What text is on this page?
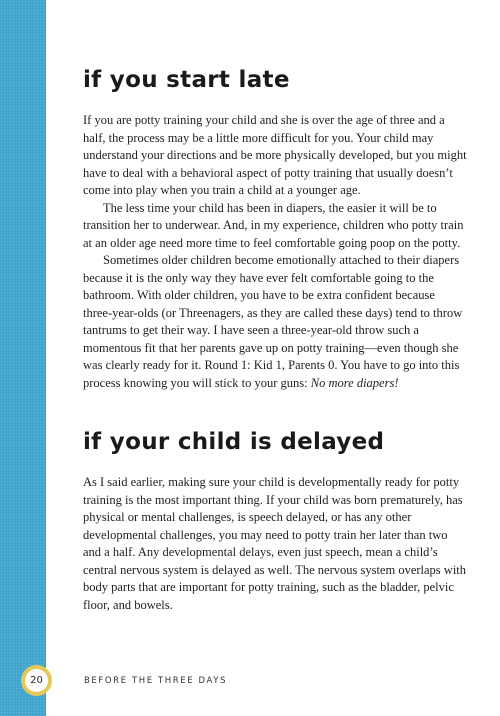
if you start late

If you are potty training your child and she is over the age of three and a half, the process may be a little more difficult for you. Your child may understand your directions and be more physically developed, but you might have to deal with a behavioral aspect of potty training that usually doesn’t come into play when you train a child at a younger age.

The less time your child has been in diapers, the easier it will be to transition her to underwear. And, in my experience, children who potty train at an older age need more time to feel comfortable going poop on the potty.

Sometimes older children become emotionally attached to their diapers because it is the only way they have ever felt comfortable going to the bathroom. With older children, you have to be extra confident because three-year-olds (or Threenagers, as they are called these days) tend to throw tantrums to get their way. I have seen a three-year-old throw such a momentous fit that her parents gave up on potty training—even though she was clearly ready for it. Round 1: Kid 1, Parents 0. You have to go into this process knowing you will stick to your guns: No more diapers!

if your child is delayed

As I said earlier, making sure your child is developmentally ready for potty training is the most important thing. If your child was born prematurely, has physical or mental challenges, is speech delayed, or has any other developmental challenges, you may need to potty train her later than two and a half. Any developmental delays, even just speech, mean a child’s central nervous system is delayed as well. The nervous system overlaps with body parts that are important for potty training, such as the bladder, pelvic floor, and bowels.

20	BEFORE THE THREE DAYS
